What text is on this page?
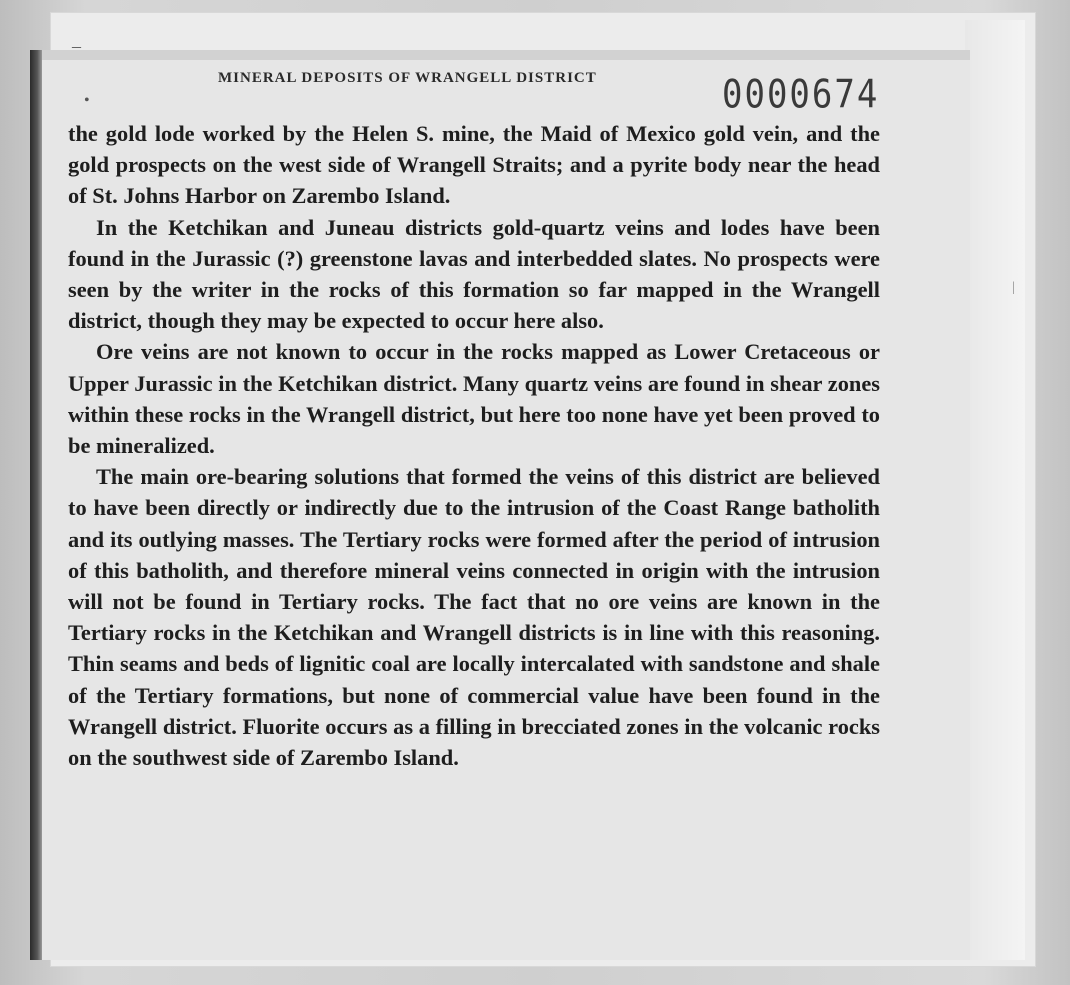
–
•
|
MINERAL DEPOSITS OF WRANGELL DISTRICT	0000674

the gold lode worked by the Helen S. mine, the Maid of Mexico gold vein, and the gold prospects on the west side of Wrangell Straits; and a pyrite body near the head of St. Johns Harbor on Zarembo Island.

In the Ketchikan and Juneau districts gold-quartz veins and lodes have been found in the Jurassic (?) greenstone lavas and interbedded slates. No prospects were seen by the writer in the rocks of this formation so far mapped in the Wrangell district, though they may be expected to occur here also.

Ore veins are not known to occur in the rocks mapped as Lower Cretaceous or Upper Jurassic in the Ketchikan district. Many quartz veins are found in shear zones within these rocks in the Wrangell district, but here too none have yet been proved to be mineralized.

The main ore-bearing solutions that formed the veins of this district are believed to have been directly or indirectly due to the intrusion of the Coast Range batholith and its outlying masses. The Tertiary rocks were formed after the period of intrusion of this batholith, and therefore mineral veins connected in origin with the intrusion will not be found in Tertiary rocks. The fact that no ore veins are known in the Tertiary rocks in the Ketchikan and Wrangell districts is in line with this reasoning. Thin seams and beds of lignitic coal are locally intercalated with sandstone and shale of the Tertiary formations, but none of commercial value have been found in the Wrangell district. Fluorite occurs as a filling in brecciated zones in the volcanic rocks on the southwest side of Zarembo Island.
